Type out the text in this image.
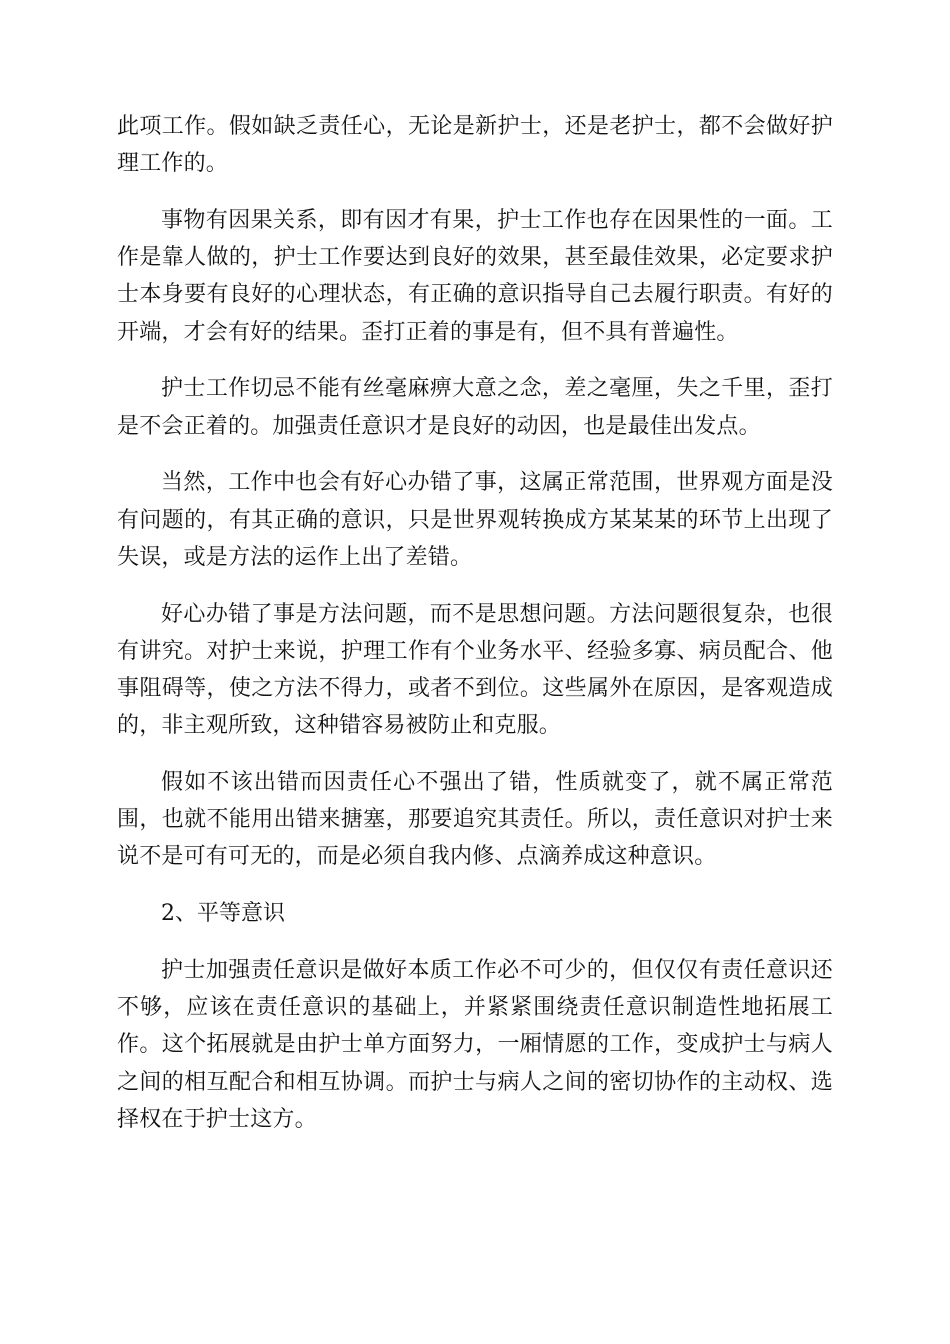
此项工作。假如缺乏责任心，无论是新护士，还是老护士，都不会做好护理工作的。

事物有因果关系，即有因才有果，护士工作也存在因果性的一面。工作是靠人做的，护士工作要达到良好的效果，甚至最佳效果，必定要求护士本身要有良好的心理状态，有正确的意识指导自己去履行职责。有好的开端，才会有好的结果。歪打正着的事是有，但不具有普遍性。

护士工作切忌不能有丝毫麻痹大意之念，差之毫厘，失之千里，歪打是不会正着的。加强责任意识才是良好的动因，也是最佳出发点。

当然，工作中也会有好心办错了事，这属正常范围，世界观方面是没有问题的，有其正确的意识，只是世界观转换成方某某某的环节上出现了失误，或是方法的运作上出了差错。

好心办错了事是方法问题，而不是思想问题。方法问题很复杂，也很有讲究。对护士来说，护理工作有个业务水平、经验多寡、病员配合、他事阻碍等，使之方法不得力，或者不到位。这些属外在原因，是客观造成的，非主观所致，这种错容易被防止和克服。

假如不该出错而因责任心不强出了错，性质就变了，就不属正常范围，也就不能用出错来搪塞，那要追究其责任。所以，责任意识对护士来说不是可有可无的，而是必须自我内修、点滴养成这种意识。

2、平等意识

护士加强责任意识是做好本质工作必不可少的，但仅仅有责任意识还不够，应该在责任意识的基础上，并紧紧围绕责任意识制造性地拓展工作。这个拓展就是由护士单方面努力，一厢情愿的工作，变成护士与病人之间的相互配合和相互协调。而护士与病人之间的密切协作的主动权、选择权在于护士这方。
